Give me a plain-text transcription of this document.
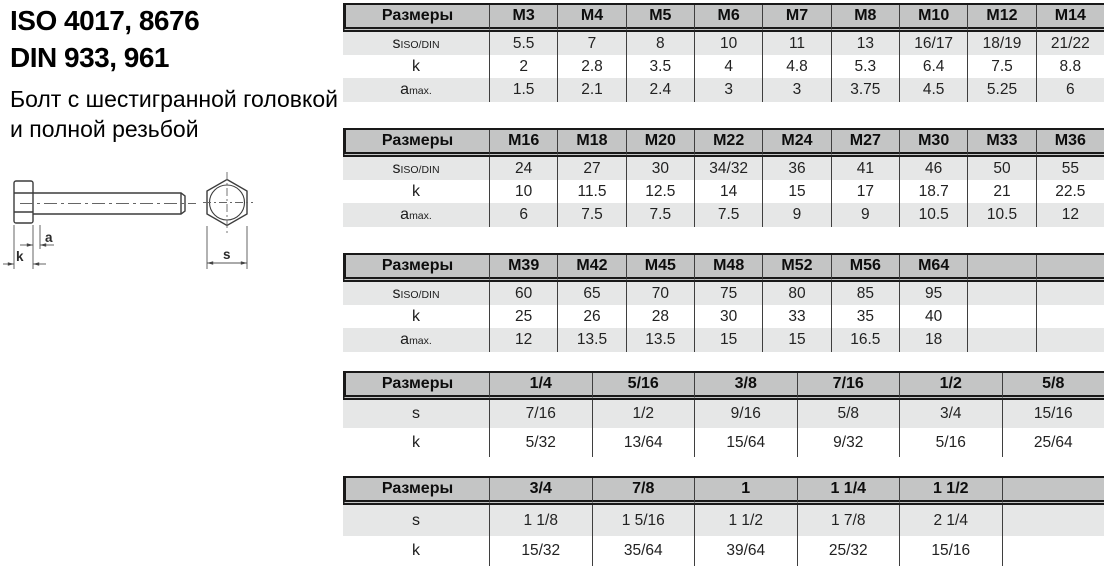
ISO 4017, 8676
DIN 933, 961
Болт с шестигранной головкой
и полной резьбой
a
k	s
Размеры	M3	M4	M5	M6	M7	M8	M10	M12	M14
s ISO/DIN	5.5	7	8	10	11	13	16/17	18/19	21/22
k	2	2.8	3.5	4	4.8	5.3	6.4	7.5	8.8
a max.	1.5	2.1	2.4	3	3	3.75	4.5	5.25	6
Размеры	M16	M18	M20	M22	M24	M27	M30	M33	M36
s ISO/DIN	24	27	30	34/32	36	41	46	50	55
k	10	11.5	12.5	14	15	17	18.7	21	22.5
a max.	6	7.5	7.5	7.5	9	9	10.5	10.5	12
Размеры	M39	M42	M45	M48	M52	M56	M64
s ISO/DIN	60	65	70	75	80	85	95
k	25	26	28	30	33	35	40
a max.	12	13.5	13.5	15	15	16.5	18
Размеры	1/4	5/16	3/8	7/16	1/2	5/8
s	7/16	1/2	9/16	5/8	3/4	15/16
k	5/32	13/64	15/64	9/32	5/16	25/64
Размеры	3/4	7/8	1	1 1/4	1 1/2
s	1 1/8	1 5/16	1 1/2	1 7/8	2 1/4
k	15/32	35/64	39/64	25/32	15/16
